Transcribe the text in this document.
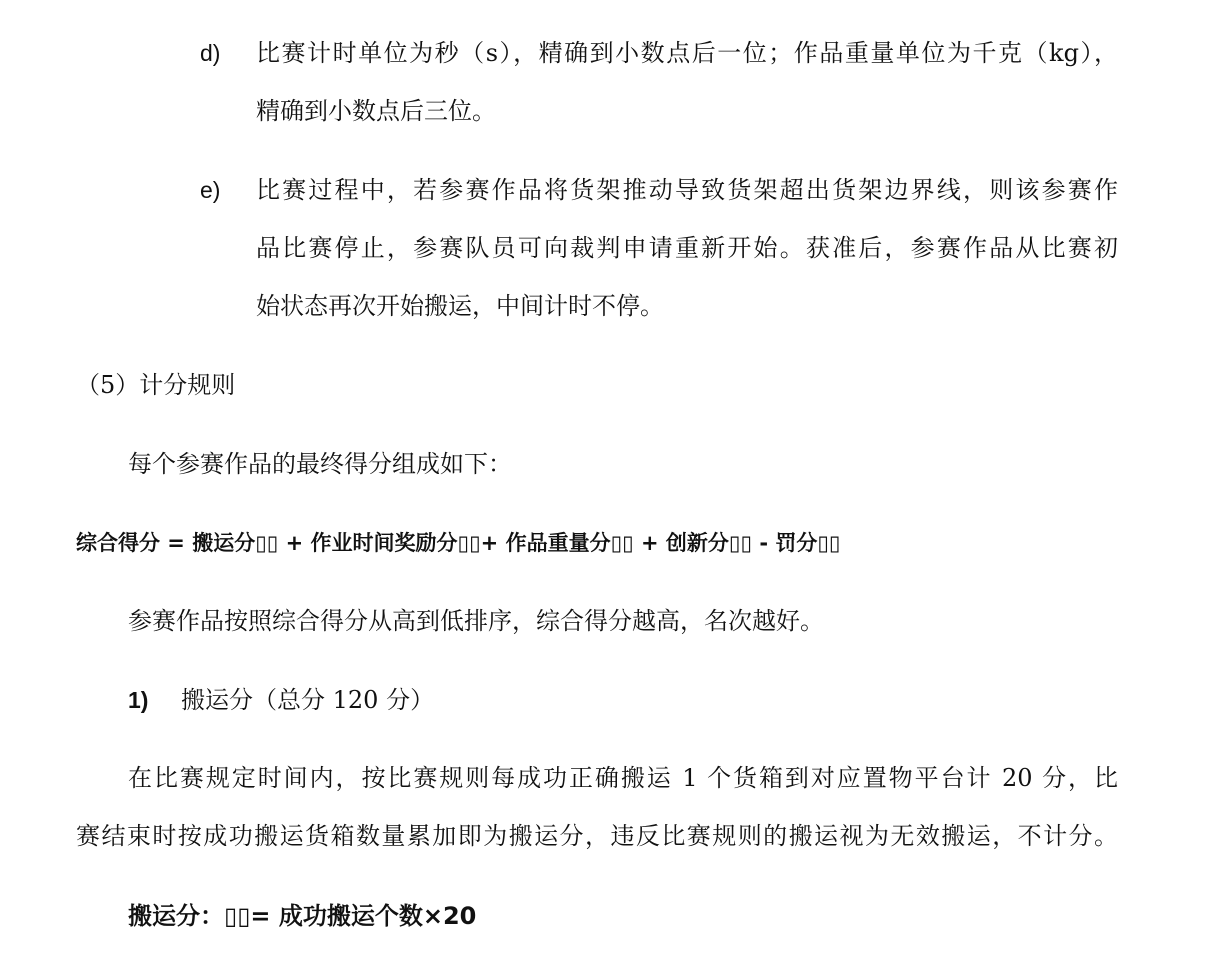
d) 比赛计时单位为秒（s），精确到小数点后一位；作品重量单位为千克（kg），
精确到小数点后三位。
e) 比赛过程中，若参赛作品将货架推动导致货架超出货架边界线，则该参赛作
品比赛停止，参赛队员可向裁判申请重新开始。获准后，参赛作品从比赛初
始状态再次开始搬运，中间计时不停。
（5）计分规则
每个参赛作品的最终得分组成如下：
综合得分 = 搬运分▯▯ + 作业时间奖励分▯▯+ 作品重量分▯▯ + 创新分▯▯ - 罚分▯▯
参赛作品按照综合得分从高到低排序，综合得分越高，名次越好。
1) 搬运分（总分 120 分）
在比赛规定时间内，按比赛规则每成功正确搬运 1 个货箱到对应置物平台计 20 分，比
赛结束时按成功搬运货箱数量累加即为搬运分，违反比赛规则的搬运视为无效搬运，不计分。
搬运分：▯▯= 成功搬运个数×20
